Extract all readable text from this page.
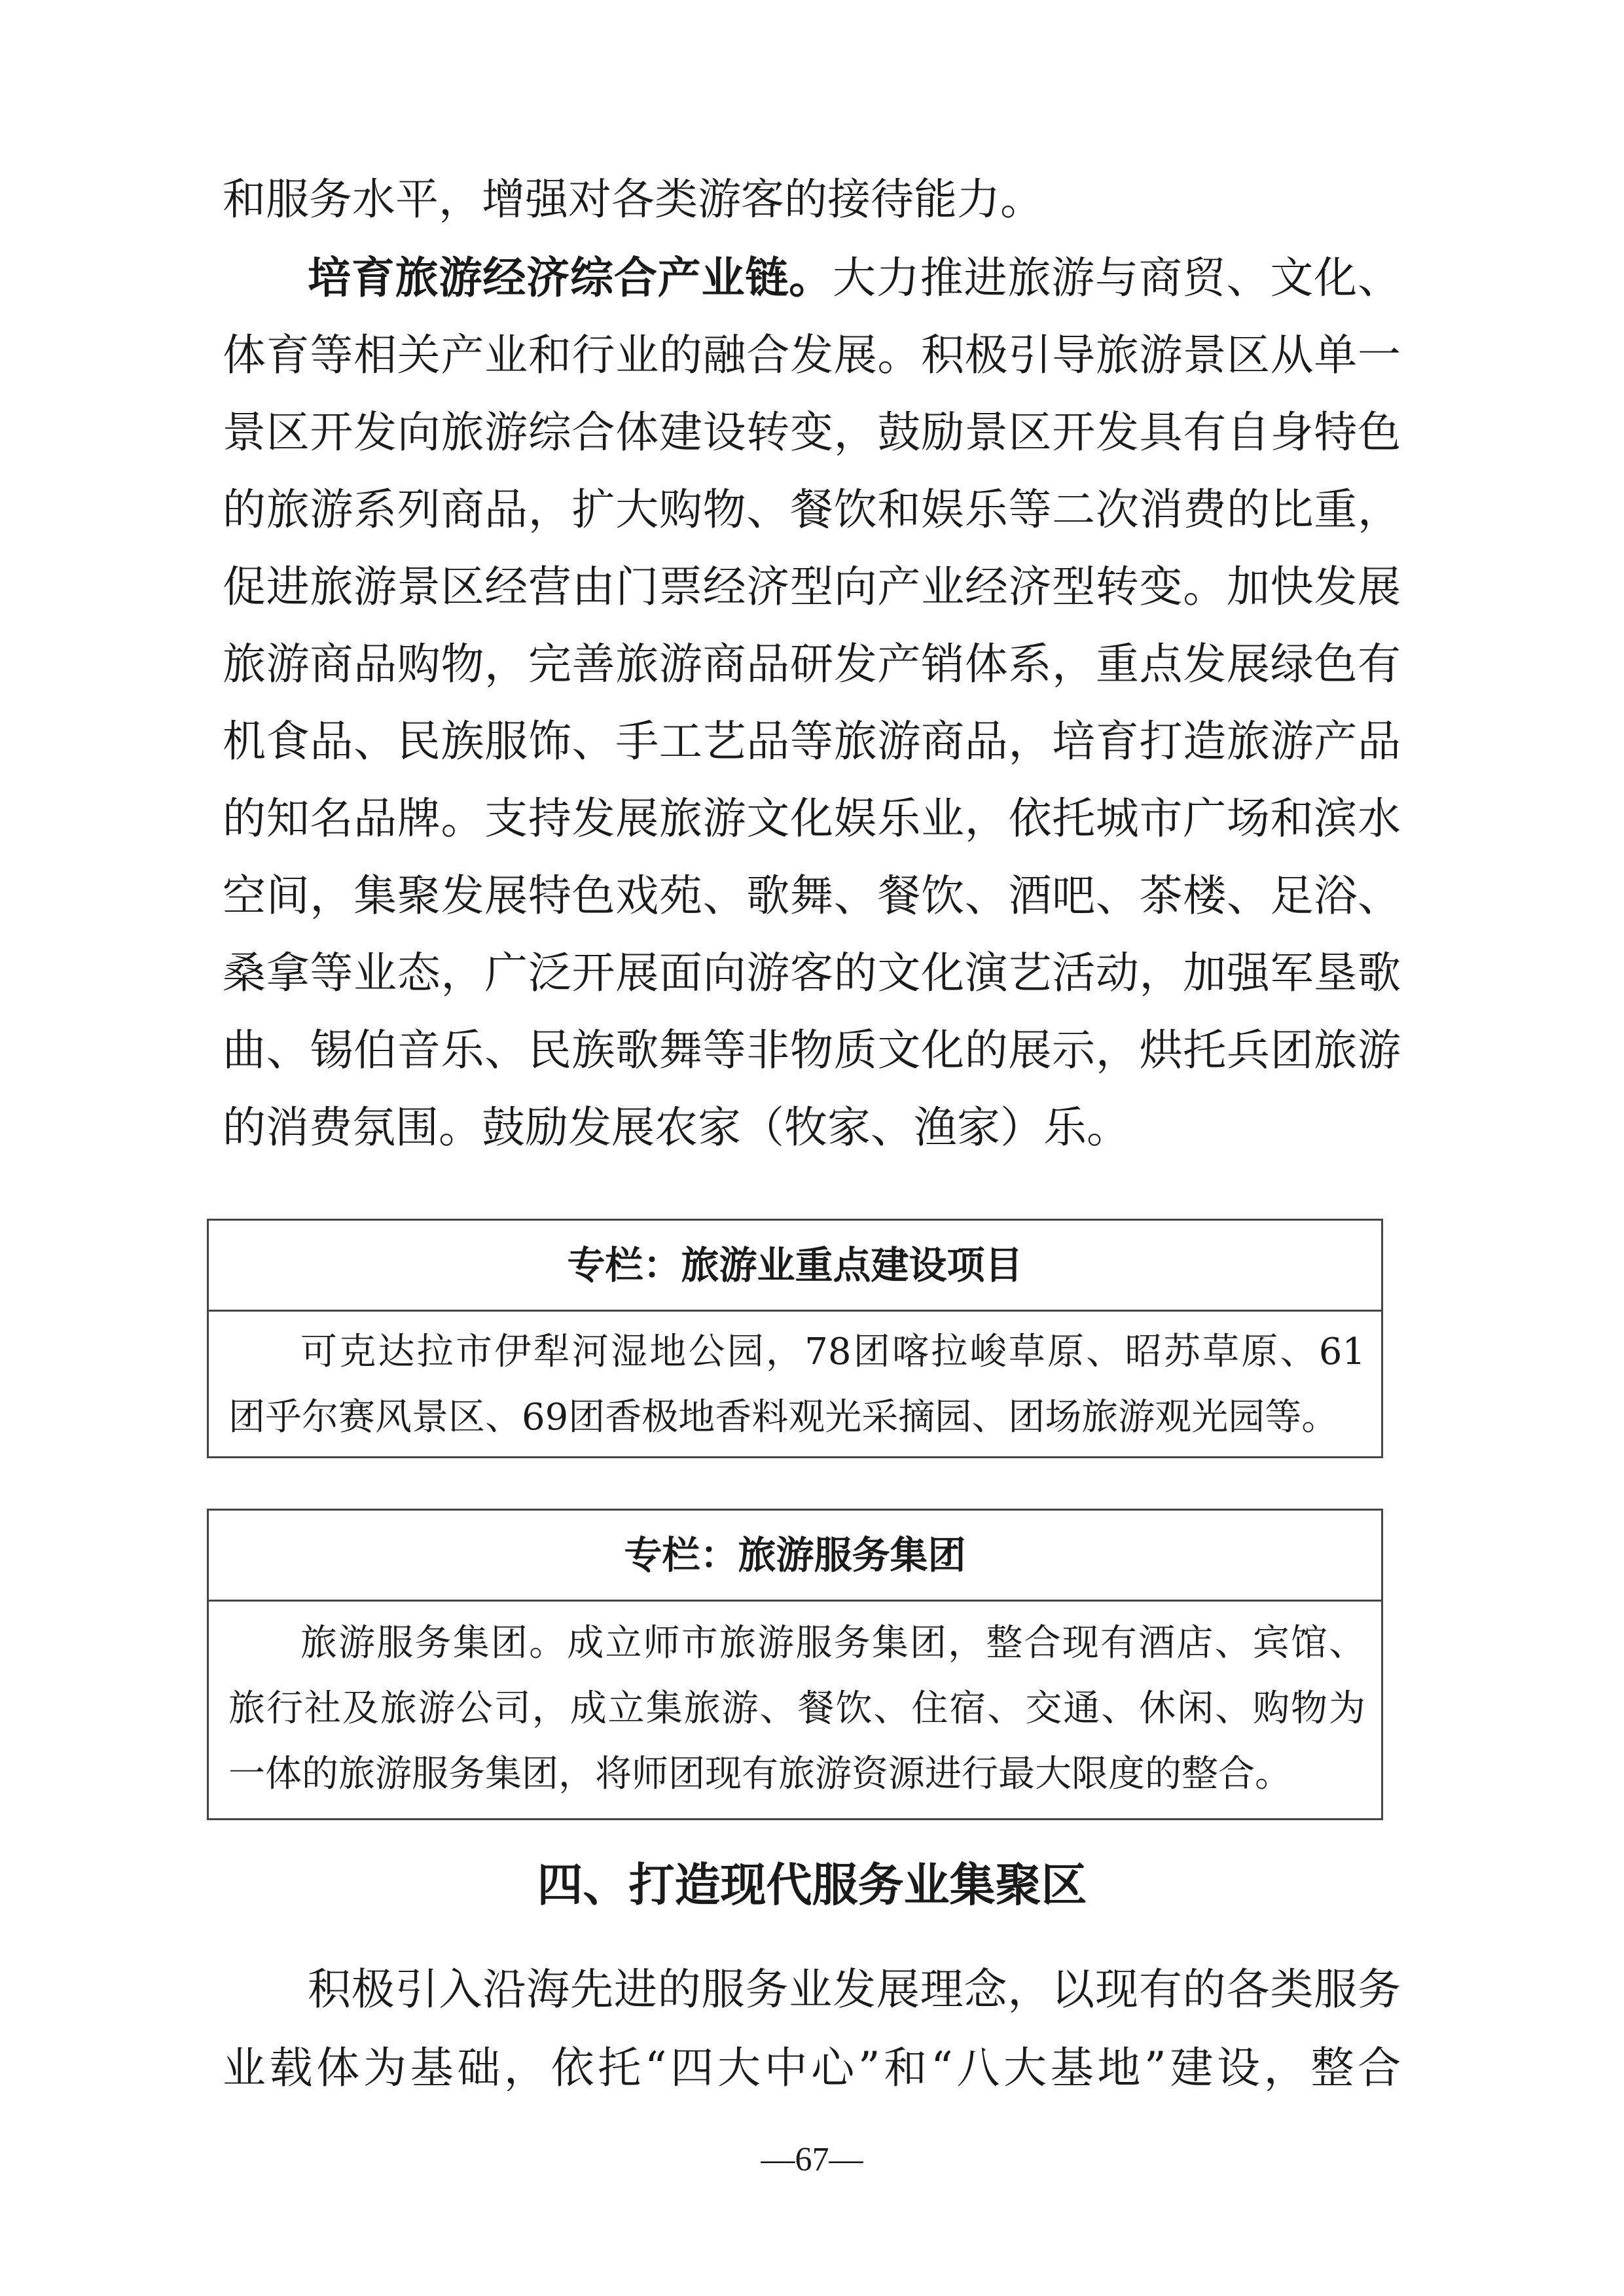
和服务水平，增强对各类游客的接待能力。
培育旅游经济综合产业链。大力推进旅游与商贸、文化、
体育等相关产业和行业的融合发展。积极引导旅游景区从单一
景区开发向旅游综合体建设转变，鼓励景区开发具有自身特色
的旅游系列商品，扩大购物、餐饮和娱乐等二次消费的比重，
促进旅游景区经营由门票经济型向产业经济型转变。加快发展
旅游商品购物，完善旅游商品研发产销体系，重点发展绿色有
机食品、民族服饰、手工艺品等旅游商品，培育打造旅游产品
的知名品牌。支持发展旅游文化娱乐业，依托城市广场和滨水
空间，集聚发展特色戏苑、歌舞、餐饮、酒吧、茶楼、足浴、
桑拿等业态，广泛开展面向游客的文化演艺活动，加强军垦歌
曲、锡伯音乐、民族歌舞等非物质文化的展示，烘托兵团旅游
的消费氛围。鼓励发展农家（牧家、渔家）乐。
专栏：旅游业重点建设项目
可克达拉市伊犁河湿地公园，78团喀拉峻草原、昭苏草原、61
团乎尔赛风景区、69团香极地香料观光采摘园、团场旅游观光园等。
专栏：旅游服务集团
旅游服务集团。成立师市旅游服务集团，整合现有酒店、宾馆、
旅行社及旅游公司，成立集旅游、餐饮、住宿、交通、休闲、购物为
一体的旅游服务集团，将师团现有旅游资源进行最大限度的整合。
四、打造现代服务业集聚区
积极引入沿海先进的服务业发展理念，以现有的各类服务
业载体为基础，依托“四大中心”和“八大基地”建设，整合
—67—
